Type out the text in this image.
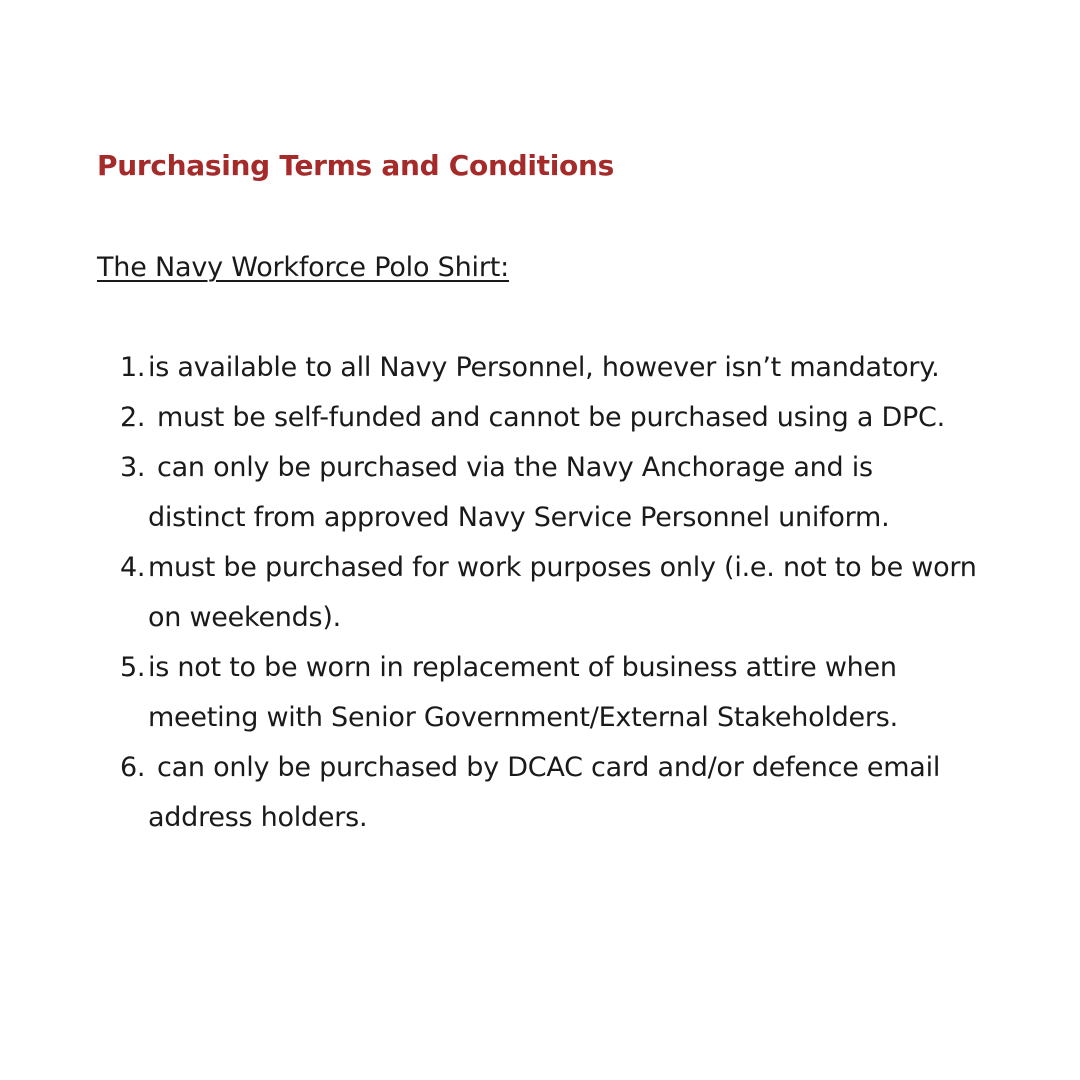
Purchasing Terms and Conditions

The Navy Workforce Polo Shirt:

1. is available to all Navy Personnel, however isn’t mandatory.
2. must be self-funded and cannot be purchased using a DPC.
3. can only be purchased via the Navy Anchorage and is distinct from approved Navy Service Personnel uniform.
4. must be purchased for work purposes only (i.e. not to be worn on weekends).
5. is not to be worn in replacement of business attire when meeting with Senior Government/External Stakeholders.
6. can only be purchased by DCAC card and/or defence email address holders.
